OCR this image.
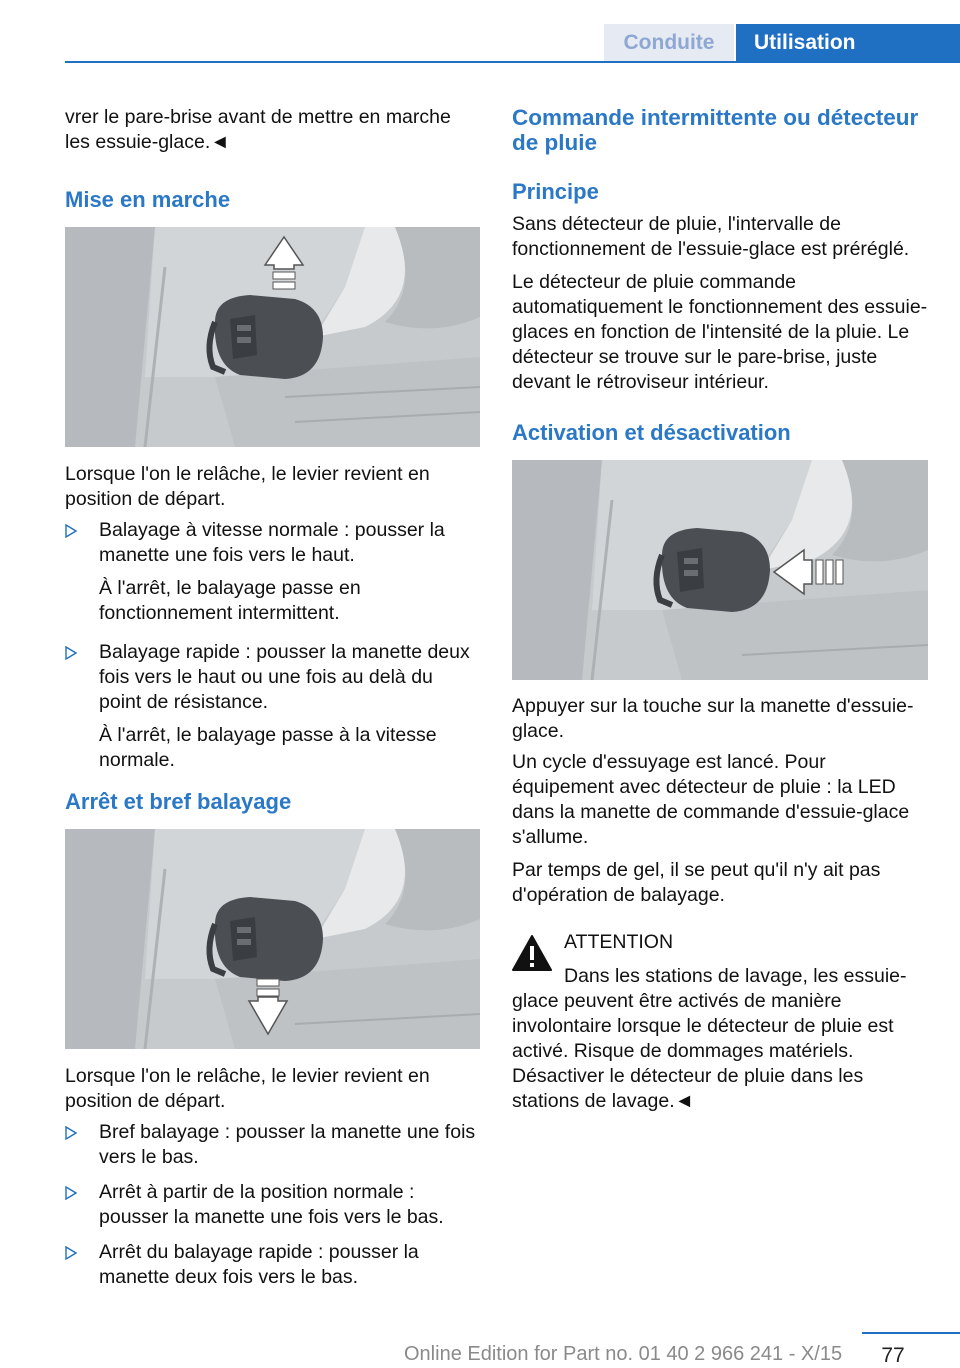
Conduite Utilisation

vrer le pare-brise avant de mettre en marche les essuie-glace.◄

Mise en marche

Lorsque l'on le relâche, le levier revient en position de départ.

Balayage à vitesse normale : pousser la manette une fois vers le haut.

À l'arrêt, le balayage passe en fonctionnement intermittent.

Balayage rapide : pousser la manette deux fois vers le haut ou une fois au delà du point de résistance.

À l'arrêt, le balayage passe à la vitesse normale.

Arrêt et bref balayage

Lorsque l'on le relâche, le levier revient en position de départ.

Bref balayage : pousser la manette une fois vers le bas.

Arrêt à partir de la position normale : pousser la manette une fois vers le bas.

Arrêt du balayage rapide : pousser la manette deux fois vers le bas.

Commande intermittente ou détecteur de pluie
Principe

Sans détecteur de pluie, l'intervalle de fonctionnement de l'essuie-glace est préréglé.

Le détecteur de pluie commande automatiquement le fonctionnement des essuie-glaces en fonction de l'intensité de la pluie. Le détecteur se trouve sur le pare-brise, juste devant le rétroviseur intérieur.

Activation et désactivation

Appuyer sur la touche sur la manette d'essuie-glace.

Un cycle d'essuyage est lancé. Pour équipement avec détecteur de pluie : la LED dans la manette de commande d'essuie-glace s'allume.

Par temps de gel, il se peut qu'il n'y ait pas d'opération de balayage.

ATTENTION

Dans les stations de lavage, les essuie-glace peuvent être activés de manière involontaire lorsque le détecteur de pluie est activé. Risque de dommages matériels. Désactiver le détecteur de pluie dans les stations de lavage.◄

77
Online Edition for Part no. 01 40 2 966 241 - X/15
